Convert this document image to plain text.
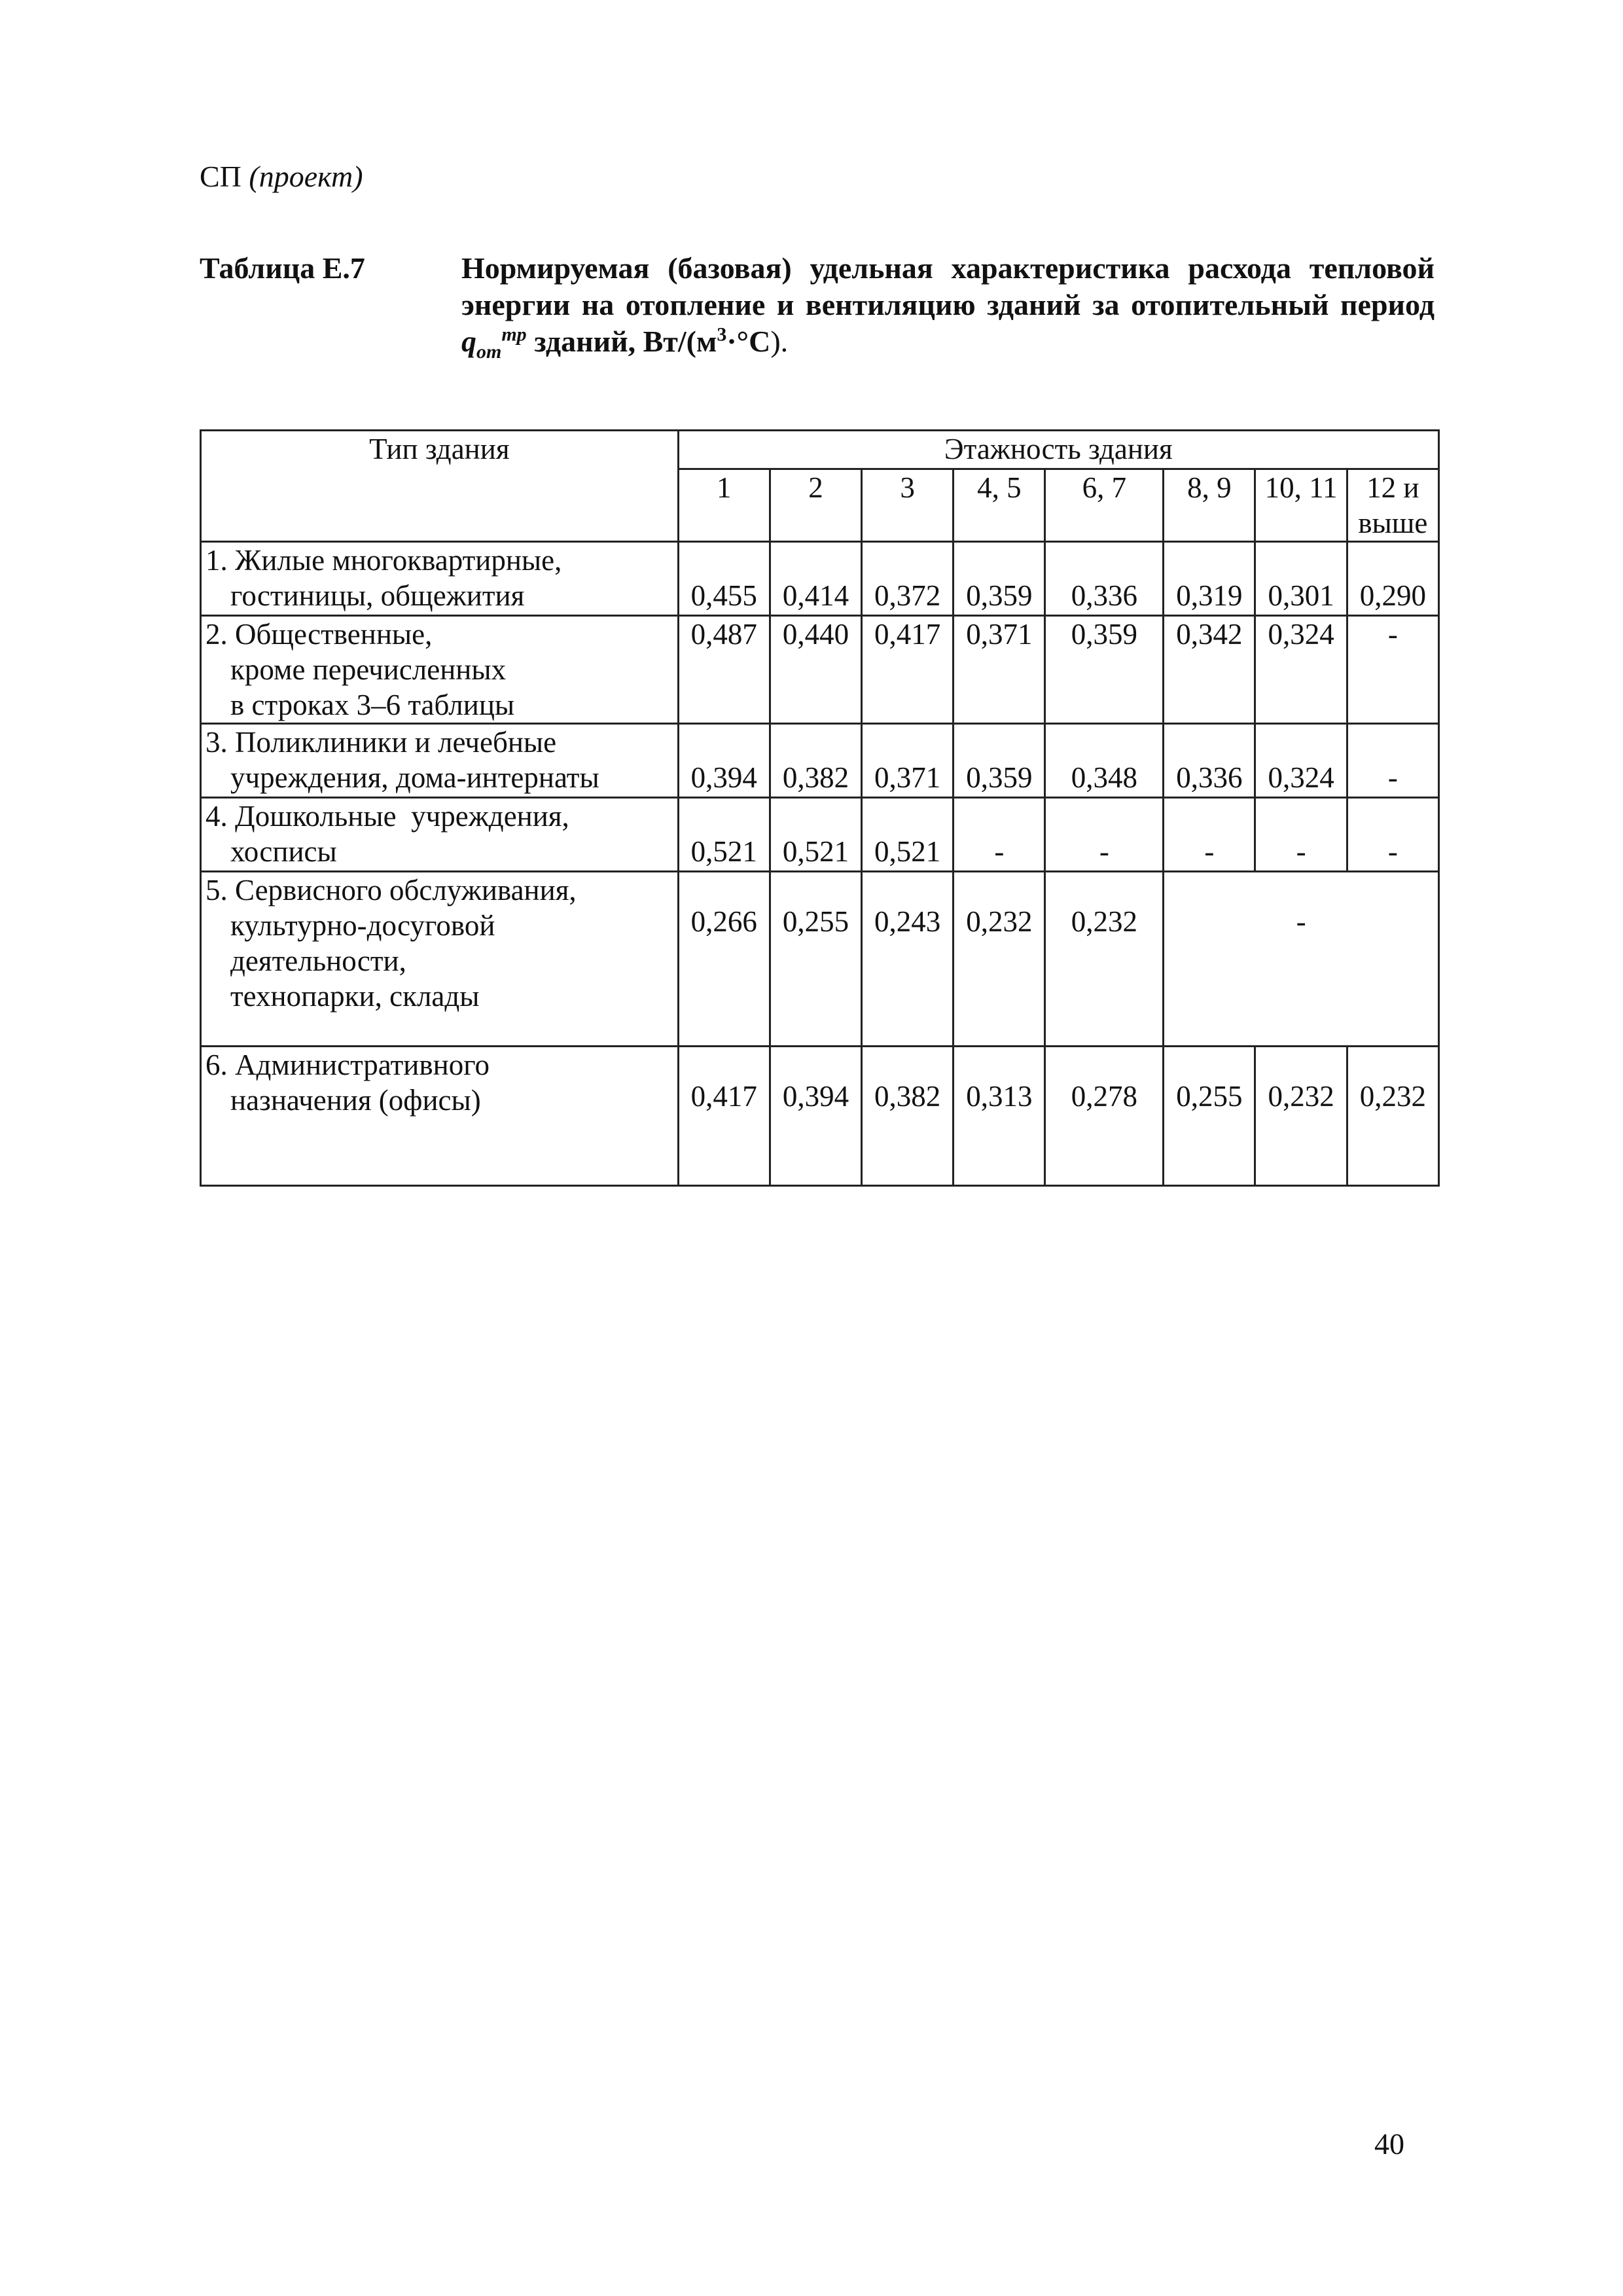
СП (проект)
Таблица Е.7	Нормируемая (базовая) удельная характеристика расхода тепловой энергии на отопление и вентиляцию зданий за отопительный период $q_{от}^{тр}$ зданий, $Вт/(м^3\cdot^\circ С)$.
Тип здания	Этажность здания							
	1	2	3	4, 5	6, 7	8, 9	10, 11	12 и выше

1. Жилые многоквартирные,
гостиницы, общежития	0,455	0,414	0,372	0,359	0,336	0,319	0,301	0,290

2. Общественные,
кроме перечисленных
в строках 3–6 таблицы	0,487	0,440	0,417	0,371	0,359	0,342	0,324	-

3. Поликлиники и лечебные
учреждения, дома-интернаты	0,394	0,382	0,371	0,359	0,348	0,336	0,324	-

4. Дошкольные  учреждения,
хосписы	0,521	0,521	0,521	-	-	-	-	-

5. Сервисного обслуживания,
культурно-досуговой
деятельности,
технопарки, склады	0,266	0,255	0,243	0,232	0,232	-		

6. Административного
назначения (офисы)	0,417	0,394	0,382	0,313	0,278	0,255	0,232	0,232
40
